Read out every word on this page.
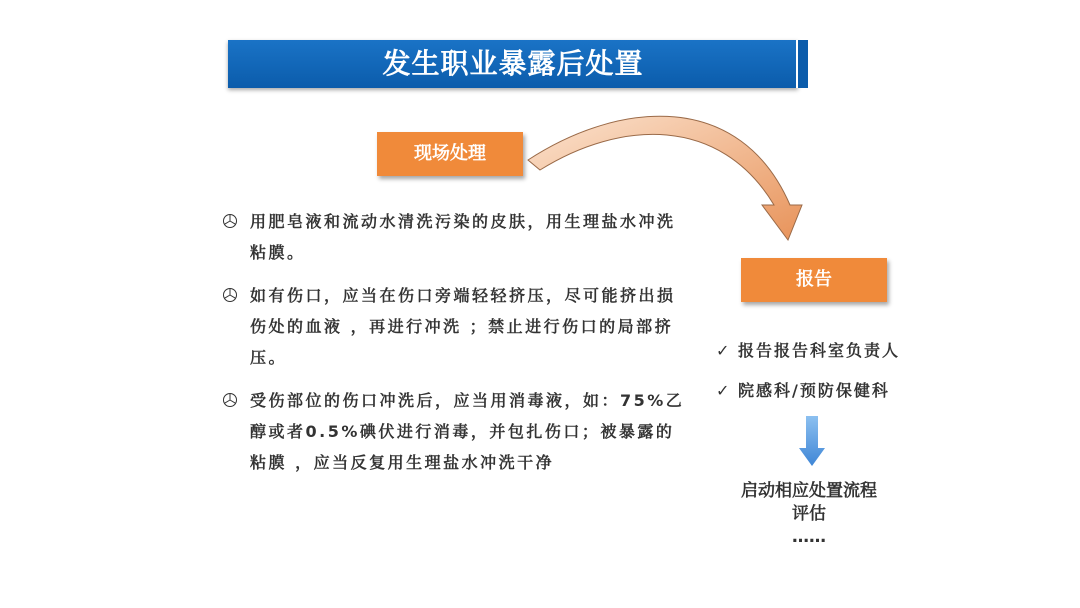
发生职业暴露后处置
现场处理
用肥皂液和流动水清洗污染的皮肤，用生理盐水冲洗粘膜。
如有伤口，应当在伤口旁端轻轻挤压，尽可能挤出损伤处的血液 ，再进行冲洗 ；禁止进行伤口的局部挤压。
受伤部位的伤口冲洗后，应当用消毒液，如：75%乙醇或者0.5%碘伏进行消毒，并包扎伤口；被暴露的粘膜 ，应当反复用生理盐水冲洗干净
报告
✓ 报告报告科室负责人
✓ 院感科/预防保健科
启动相应处置流程
评估
……
